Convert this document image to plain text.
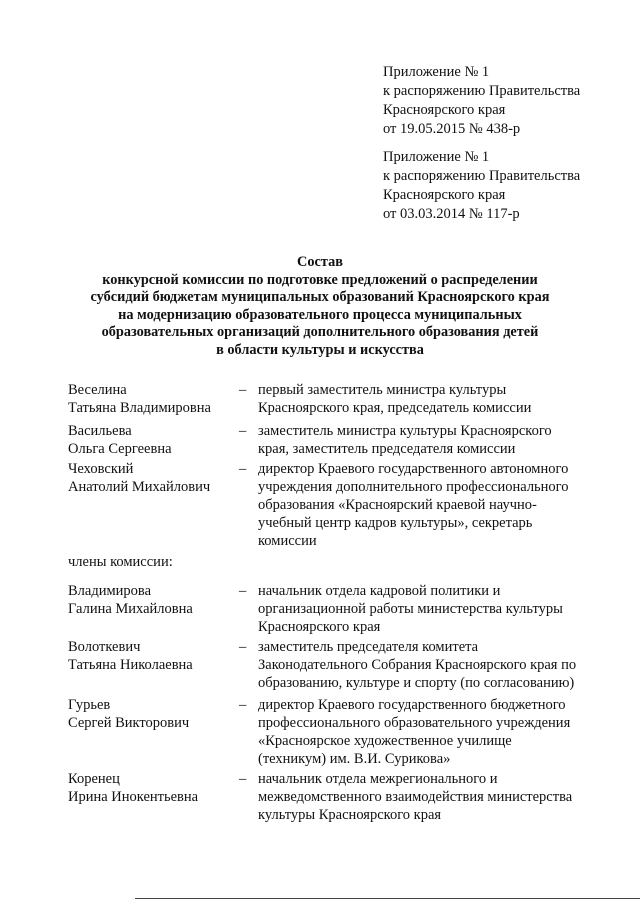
Приложение № 1
к распоряжению Правительства
Красноярского края
от 19.05.2015 № 438-р
Приложение № 1
к распоряжению Правительства
Красноярского края
от 03.03.2014 № 117-р
Состав
конкурсной комиссии по подготовке предложений о распределении
субсидий бюджетам муниципальных образований Красноярского края
на модернизацию образовательного процесса муниципальных
образовательных организаций дополнительного образования детей
в области культуры и искусства
Веселина
Татьяна Владимировна
– первый заместитель министра культуры
Красноярского края, председатель комиссии
Васильева
Ольга Сергеевна
– заместитель министра культуры Красноярского
края, заместитель председателя комиссии
Чеховский
Анатолий Михайлович
– директор Краевого государственного автономного
учреждения дополнительного профессионального
образования «Красноярский краевой научно-
учебный центр кадров культуры», секретарь
комиссии
члены комиссии:
Владимирова
Галина Михайловна
– начальник отдела кадровой политики и
организационной работы министерства культуры
Красноярского края
Волоткевич
Татьяна Николаевна
– заместитель председателя комитета
Законодательного Собрания Красноярского края по
образованию, культуре и спорту (по согласованию)
Гурьев
Сергей Викторович
– директор Краевого государственного бюджетного
профессионального образовательного учреждения
«Красноярское художественное училище
(техникум) им. В.И. Сурикова»
Коренец
Ирина Инокентьевна
– начальник отдела межрегионального и
межведомственного взаимодействия министерства
культуры Красноярского края
